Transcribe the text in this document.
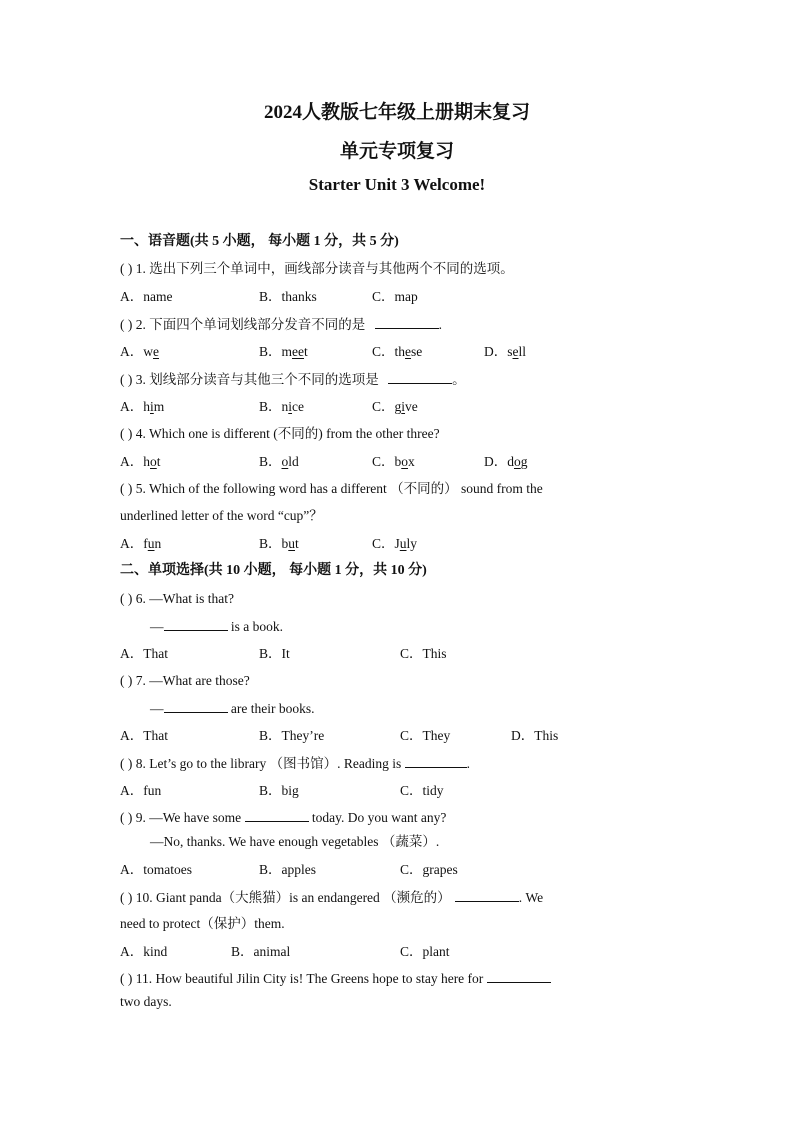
2024人教版七年级上册期末复习
单元专项复习
Starter Unit 3 Welcome!
一、语音题(共 5 小题， 每小题 1 分，共 5 分)
( ) 1. 选出下列三个单词中，画线部分读音与其他两个不同的选项。
A．name	B．thanks	C．map
( ) 2. 下面四个单词划线部分发音不同的是	.
A．we	B．meet	C．these	D．sell
( ) 3. 划线部分读音与其他三个不同的选项是	。
A．him	B．nice	C．give
( ) 4. Which one is different (不同的) from the other three?
A．hot	B．old	C．box	D．dog
( ) 5. Which of the following word has a different （不同的） sound from the
underlined letter of the word “cup”？
A．fun	B．but	C．July
二、单项选择(共 10 小题， 每小题 1 分，共 10 分)
( ) 6. —What is that?
—	is a book.
A．That	B．It	C．This
( ) 7. —What are those?
—	are their books.
A．That	B．They’re	C．They	D．This
( ) 8. Let’s go to the library （图书馆）. Reading is	.
A．fun	B．big	C．tidy
( ) 9. —We have some	today. Do you want any?
—No, thanks. We have enough vegetables （蔬菜）.
A．tomatoes	B．apples	C．grapes
( ) 10. Giant panda（大熊猫）is an endangered （濒危的）	. We
need to protect（保护）them.
A．kind	B．animal	C．plant
( ) 11. How beautiful Jilin City is! The Greens hope to stay here for
two days.
